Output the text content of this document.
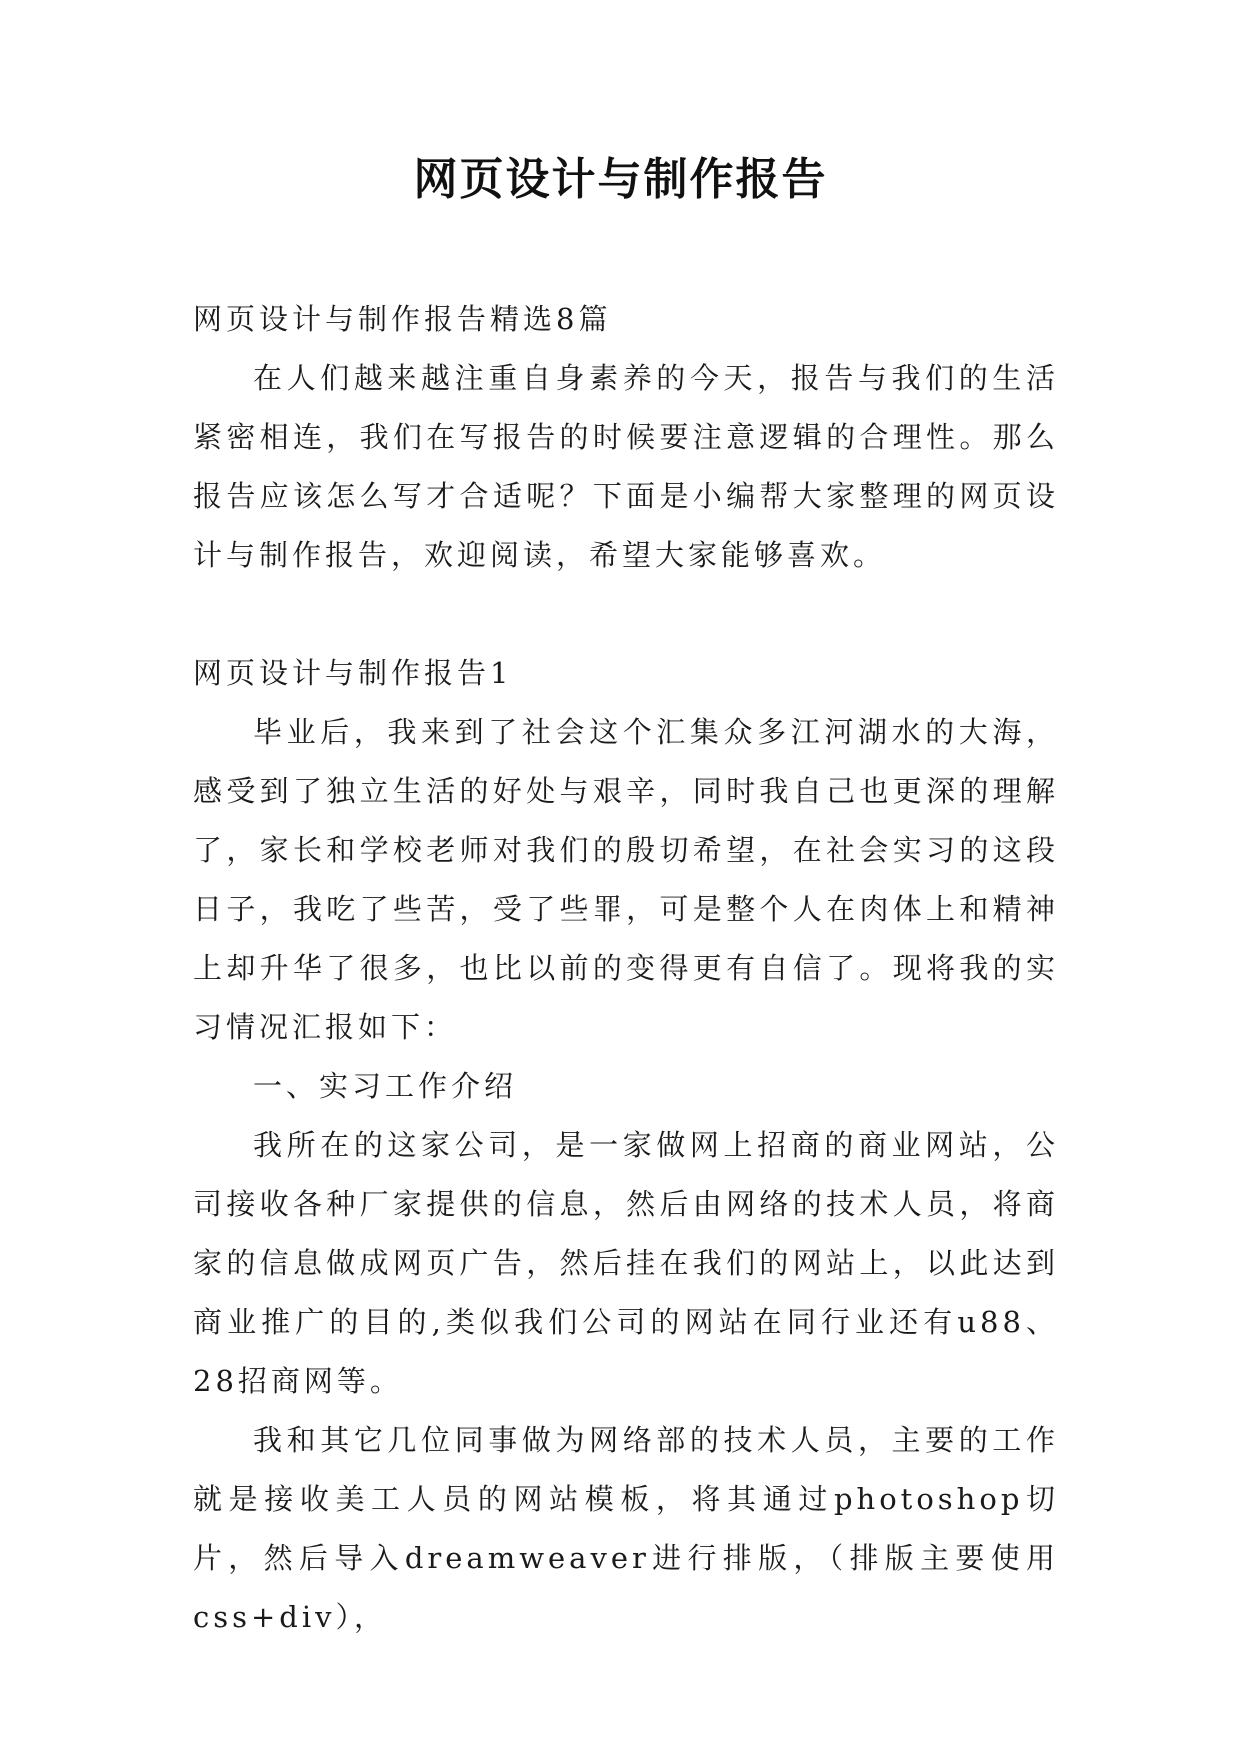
网页设计与制作报告

网页设计与制作报告精选8篇

在人们越来越注重自身素养的今天，报告与我们的生活紧密相连，我们在写报告的时候要注意逻辑的合理性。那么报告应该怎么写才合适呢？下面是小编帮大家整理的网页设计与制作报告，欢迎阅读，希望大家能够喜欢。

网页设计与制作报告1

毕业后，我来到了社会这个汇集众多江河湖水的大海，感受到了独立生活的好处与艰辛，同时我自己也更深的理解了，家长和学校老师对我们的殷切希望，在社会实习的这段日子，我吃了些苦，受了些罪，可是整个人在肉体上和精神上却升华了很多，也比以前的变得更有自信了。现将我的实习情况汇报如下：

一、实习工作介绍

我所在的这家公司，是一家做网上招商的商业网站，公司接收各种厂家提供的信息，然后由网络的技术人员，将商家的信息做成网页广告，然后挂在我们的网站上，以此达到商业推广的目的,类似我们公司的网站在同行业还有u88、28招商网等。

我和其它几位同事做为网络部的技术人员，主要的工作就是接收美工人员的网站模板，将其通过photoshop切片，然后导入dreamweaver进行排版，（排版主要使用css+div），
